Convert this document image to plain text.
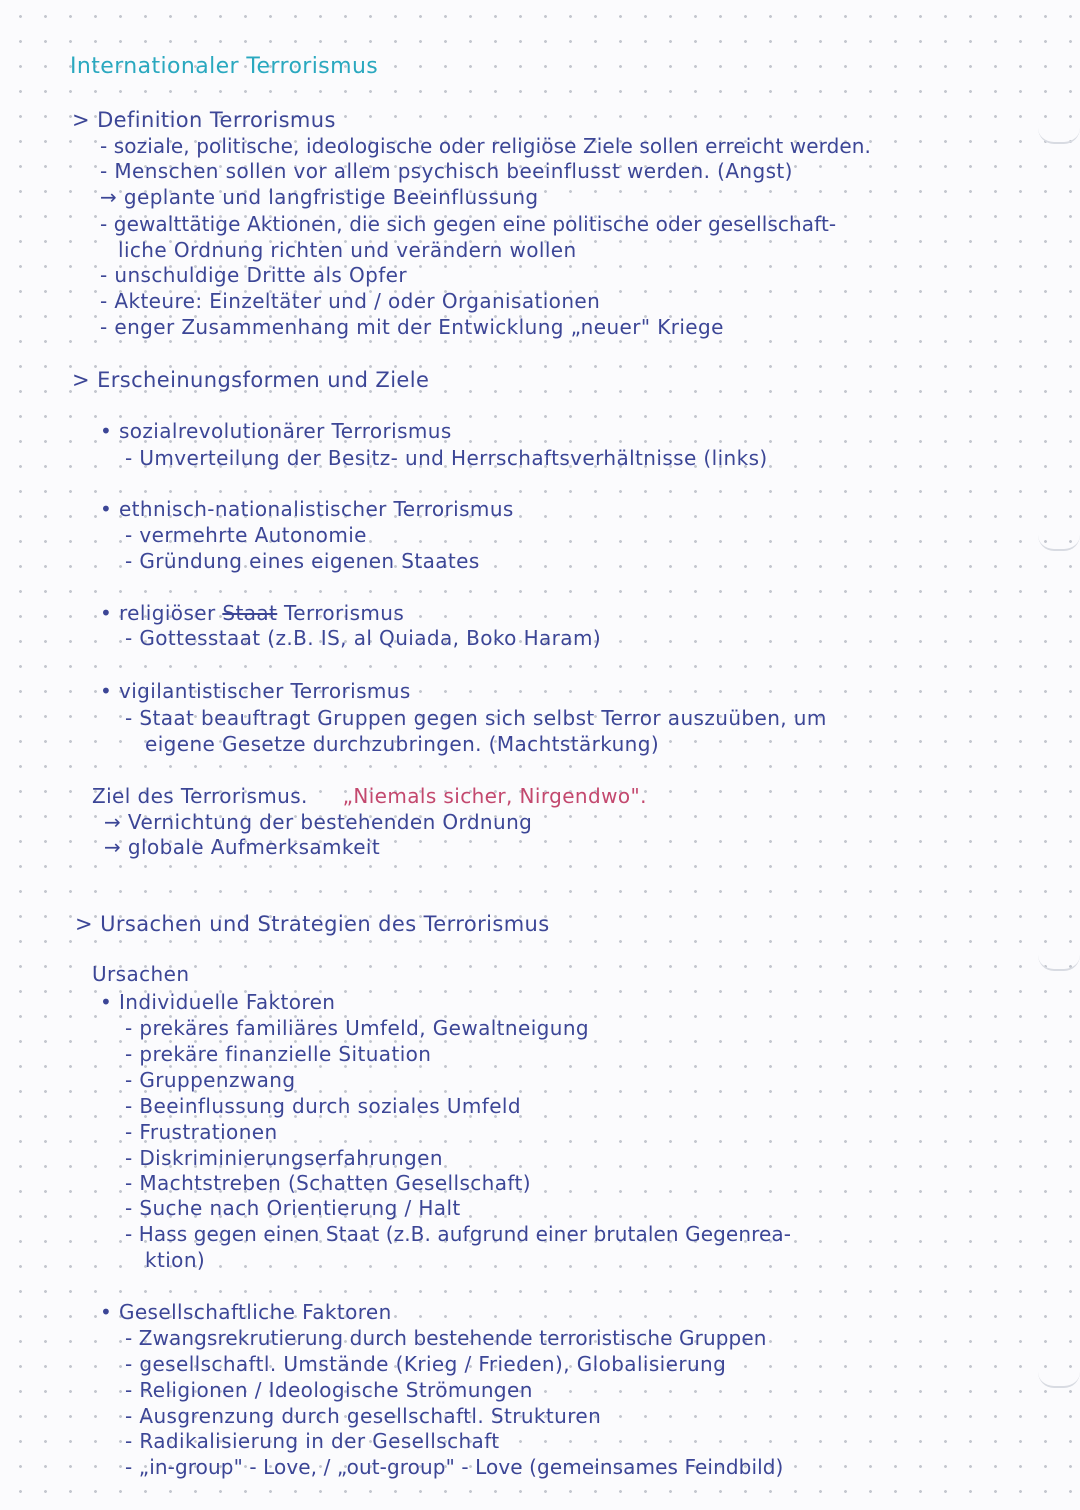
Internationaler Terrorismus
> Definition Terrorismus
- soziale, politische, ideologische oder religiöse Ziele sollen erreicht werden.
- Menschen sollen vor allem psychisch beeinflusst werden. (Angst)
→ geplante und langfristige Beeinflussung
- gewalttätige Aktionen, die sich gegen eine politische oder gesellschaft-
liche Ordnung richten und verändern wollen
- unschuldige Dritte als Opfer
- Akteure: Einzeltäter und / oder Organisationen
- enger Zusammenhang mit der Entwicklung „neuer" Kriege
> Erscheinungsformen und Ziele
• sozialrevolutionärer Terrorismus
- Umverteilung der Besitz- und Herrschaftsverhältnisse (links)
• ethnisch-nationalistischer Terrorismus
- vermehrte Autonomie
- Gründung eines eigenen Staates
• religiöser Staat Terrorismus
- Gottesstaat (z.B. IS, al Quiada, Boko Haram)
• vigilantistischer Terrorismus
- Staat beauftragt Gruppen gegen sich selbst Terror auszuüben, um
eigene Gesetze durchzubringen. (Machtstärkung)
Ziel des Terrorismus. „Niemals sicher, Nirgendwo".
→ Vernichtung der bestehenden Ordnung
→ globale Aufmerksamkeit
> Ursachen und Strategien des Terrorismus
Ursachen
• Individuelle Faktoren
- prekäres familiäres Umfeld, Gewaltneigung
- prekäre finanzielle Situation
- Gruppenzwang
- Beeinflussung durch soziales Umfeld
- Frustrationen
- Diskriminierungserfahrungen
- Machtstreben (Schatten Gesellschaft)
- Suche nach Orientierung / Halt
- Hass gegen einen Staat (z.B. aufgrund einer brutalen Gegenrea-
ktion)
• Gesellschaftliche Faktoren
- Zwangsrekrutierung durch bestehende terroristische Gruppen
- gesellschaftl. Umstände (Krieg / Frieden), Globalisierung
- Religionen / Ideologische Strömungen
- Ausgrenzung durch gesellschaftl. Strukturen
- Radikalisierung in der Gesellschaft
- „in-group" - Love, / „out-group" - Love (gemeinsames Feindbild)
